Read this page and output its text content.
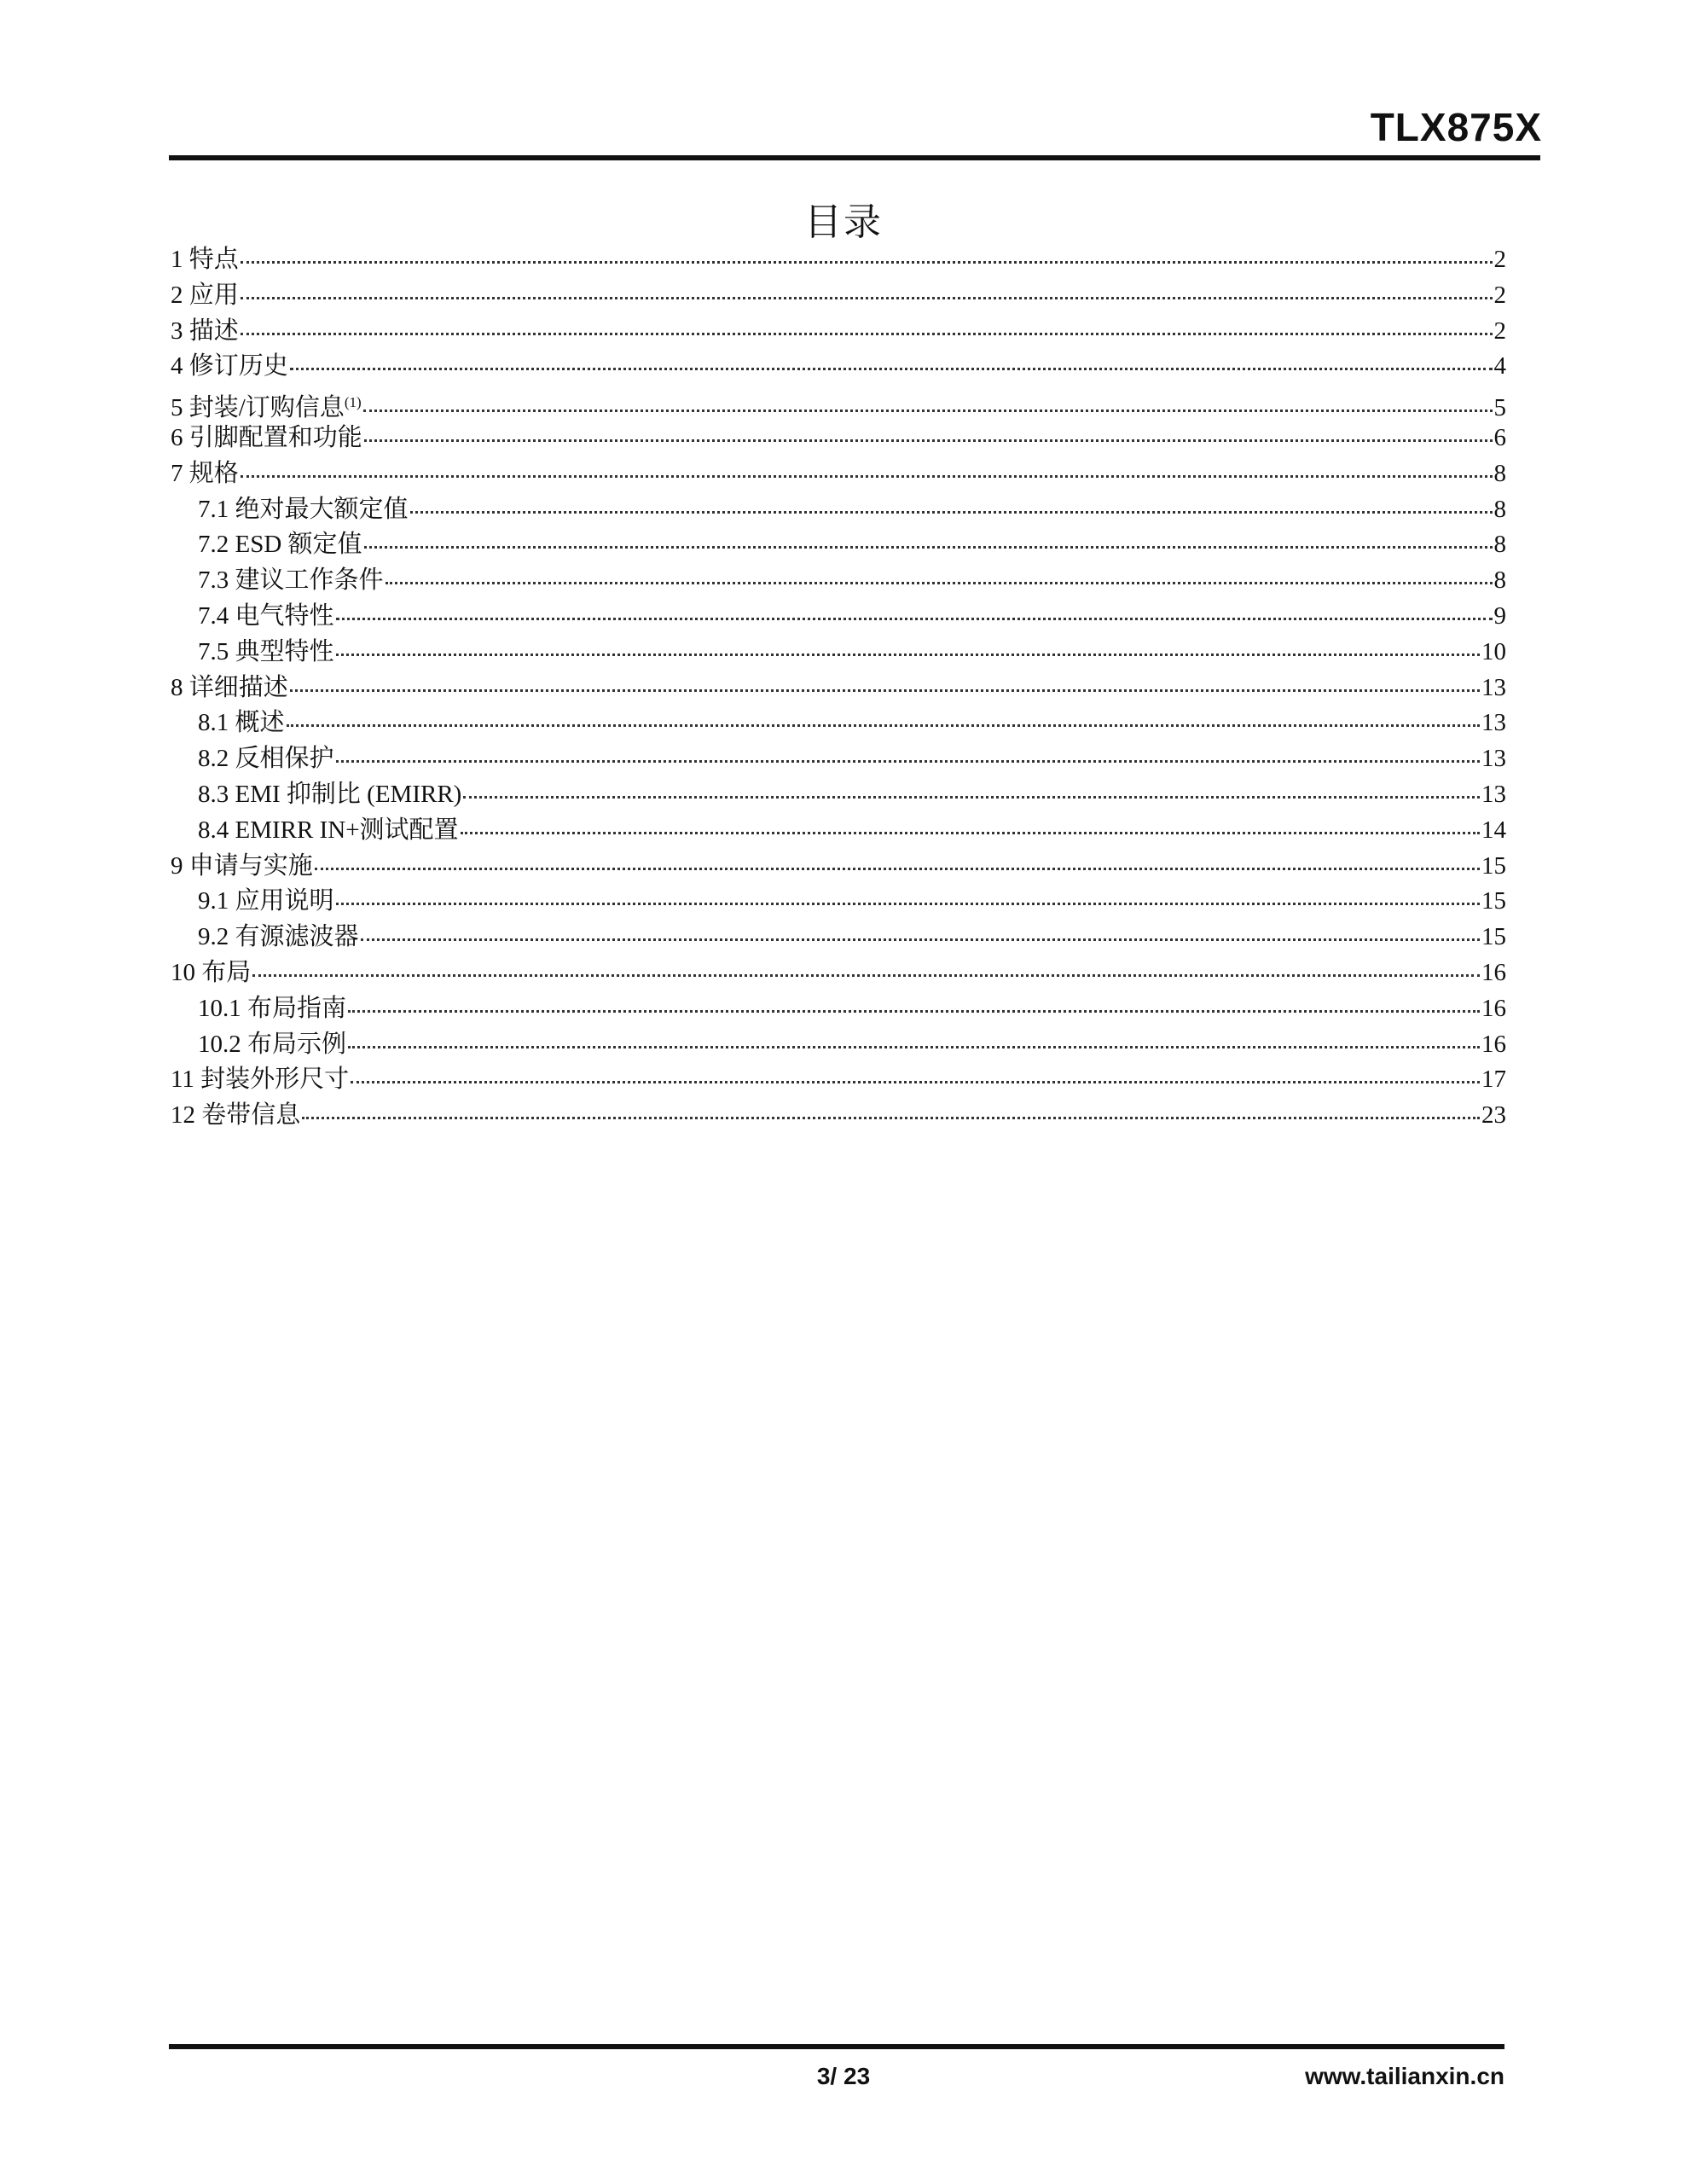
TLX875X
目录
1 特点	2
2 应用	2
3 描述	2
4 修订历史	4
5 封装/订购信息$^{(1)}$	5
6 引脚配置和功能	6
7 规格	8
7.1 绝对最大额定值	8
7.2 ESD 额定值	8
7.3 建议工作条件	8
7.4 电气特性	9
7.5 典型特性	10
8 详细描述	13
8.1 概述	13
8.2 反相保护	13
8.3 EMI 抑制比 (EMIRR)	13
8.4 EMIRR IN+测试配置	14
9 申请与实施	15
9.1 应用说明	15
9.2 有源滤波器	15
10 布局	16
10.1 布局指南	16
10.2 布局示例	16
11 封装外形尺寸	17
12 卷带信息	23
3/ 23	www.tailianxin.cn
